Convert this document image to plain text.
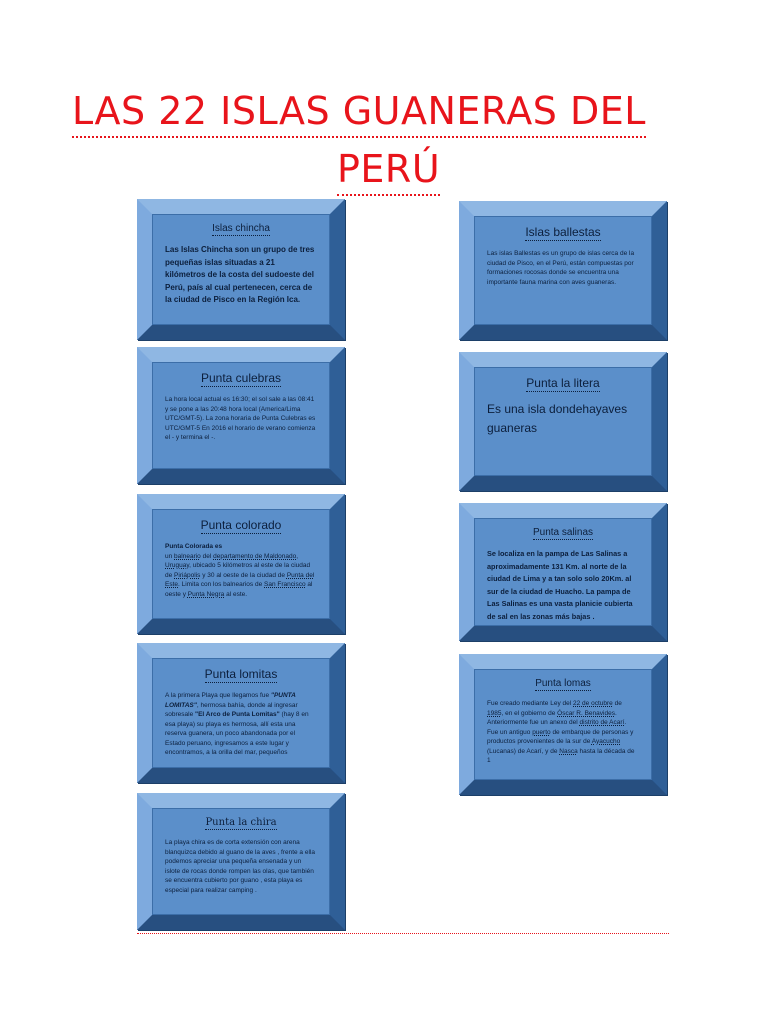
LAS 22 ISLAS GUANERAS DEL
PERÚ
Islas chincha

Las Islas Chincha son un grupo de tres pequeñas islas situadas a 21 kilómetros de la costa del sudoeste del Perú, país al cual pertenecen, cerca de la ciudad de Pisco en la Región Ica.

Islas ballestas

Las islas Ballestas es un grupo de islas cerca de la ciudad de Pisco, en el Perú, están compuestas por formaciones rocosas donde se encuentra una importante fauna marina con aves guaneras.

Punta culebras

La hora local actual es 16:30; el sol sale a las 08:41 y se pone a las 20:48 hora local (America/Lima UTC/GMT-5). La zona horaria de Punta Culebras es UTC/GMT-5 En 2016 el horario de verano comienza el - y termina el -.

Punta la litera

Es una isla dondehayaves guaneras

Punta colorado

Punta Colorada es
un balneario del departamento de Maldonado, Uruguay, ubicado 5 kilómetros al este de la ciudad de Piriápolis y 30 al oeste de la ciudad de Punta del Este. Limita con los balnearios de San Francisco al oeste y Punta Negra al este.

Punta salinas

Se localiza en la pampa de Las Salinas a aproximadamente 131 Km. al norte de la ciudad de Lima y a tan solo solo 20Km. al sur de la ciudad de Huacho. La pampa de Las Salinas es una vasta planicie cubierta de sal en las zonas más bajas .

Punta lomitas

A la primera Playa que llegamos fue "PUNTA LOMITAS", hermosa bahía, donde al ingresar sobresale "El Arco de Punta Lomitas" (hay 8 en esa playa) su playa es hermosa, allí esta una reserva guanera, un poco abandonada por el Estado peruano, ingresamos a este lugar y encontramos, a la orilla del mar, pequeños

Punta lomas

Fue creado mediante Ley del 22 de octubre de 1985, en el gobierno de Óscar R. Benavides. Anteriormente fue un anexo del distrito de Acarí. Fue un antiguo puerto de embarque de personas y productos provenientes de la sur de Ayacucho (Lucanas) de Acarí, y de Nasca hasta la década de 1

Punta la chira

La playa chira es de corta extensión con arena blanquizca debido al guano de la aves , frente a ella podemos apreciar una pequeña ensenada y un islote de rocas donde rompen las olas, que también se encuentra cubierto por guano , esta playa es especial para realizar camping .
